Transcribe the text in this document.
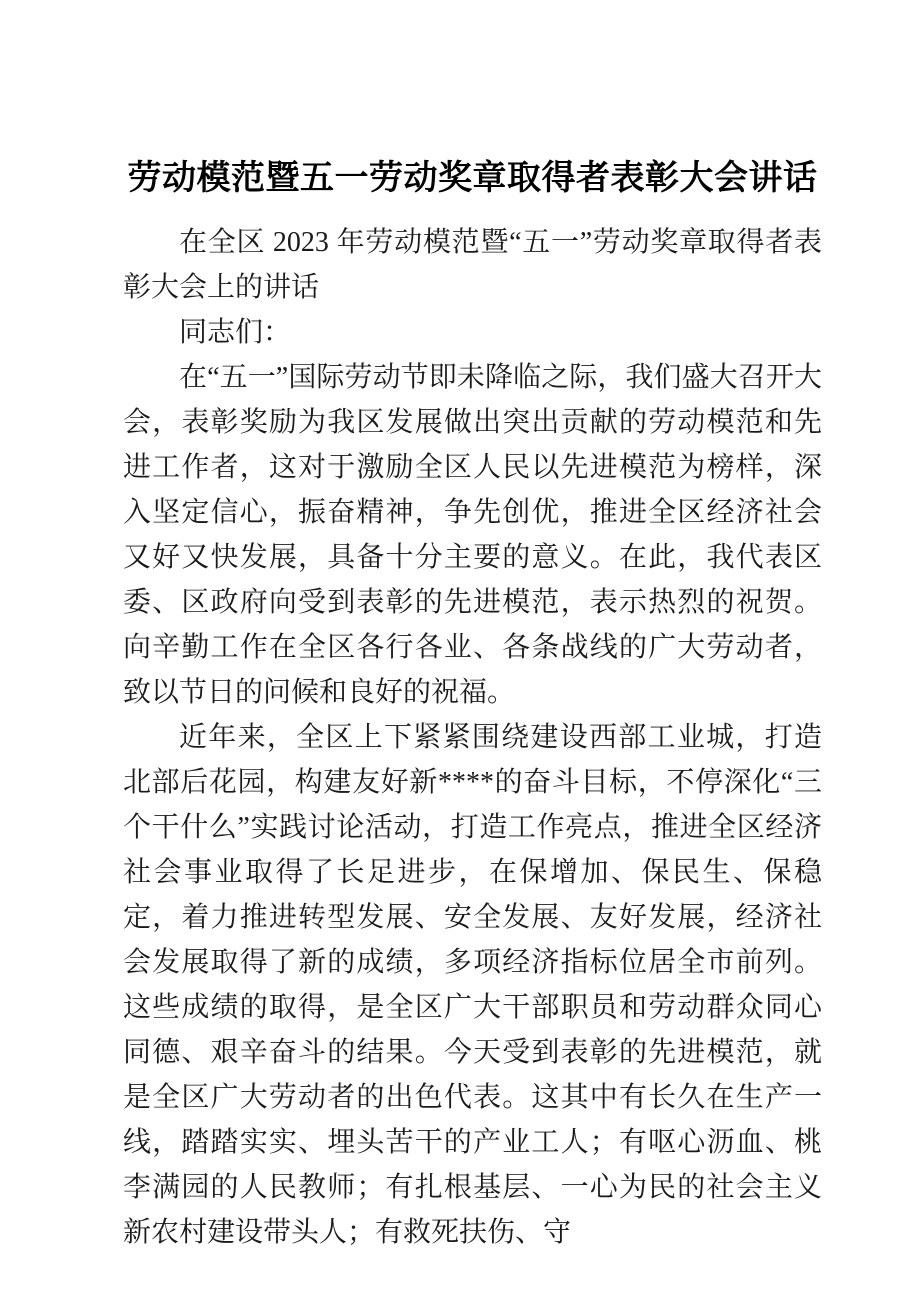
劳动模范暨五一劳动奖章取得者表彰大会讲话

在全区 2023 年劳动模范暨“五一”劳动奖章取得者表彰大会上的讲话

同志们：

在“五一”国际劳动节即未降临之际，我们盛大召开大会，表彰奖励为我区发展做出突出贡献的劳动模范和先进工作者，这对于激励全区人民以先进模范为榜样，深入坚定信心，振奋精神，争先创优，推进全区经济社会又好又快发展，具备十分主要的意义。在此，我代表区委、区政府向受到表彰的先进模范，表示热烈的祝贺。向辛勤工作在全区各行各业、各条战线的广大劳动者，致以节日的问候和良好的祝福。

近年来，全区上下紧紧围绕建设西部工业城，打造北部后花园，构建友好新****的奋斗目标，不停深化“三个干什么”实践讨论活动，打造工作亮点，推进全区经济社会事业取得了长足进步，在保增加、保民生、保稳定，着力推进转型发展、安全发展、友好发展，经济社会发展取得了新的成绩，多项经济指标位居全市前列。这些成绩的取得，是全区广大干部职员和劳动群众同心同德、艰辛奋斗的结果。今天受到表彰的先进模范，就是全区广大劳动者的出色代表。这其中有长久在生产一线，踏踏实实、埋头苦干的产业工人；有呕心沥血、桃李满园的人民教师；有扎根基层、一心为民的社会主义新农村建设带头人；有救死扶伤、守
